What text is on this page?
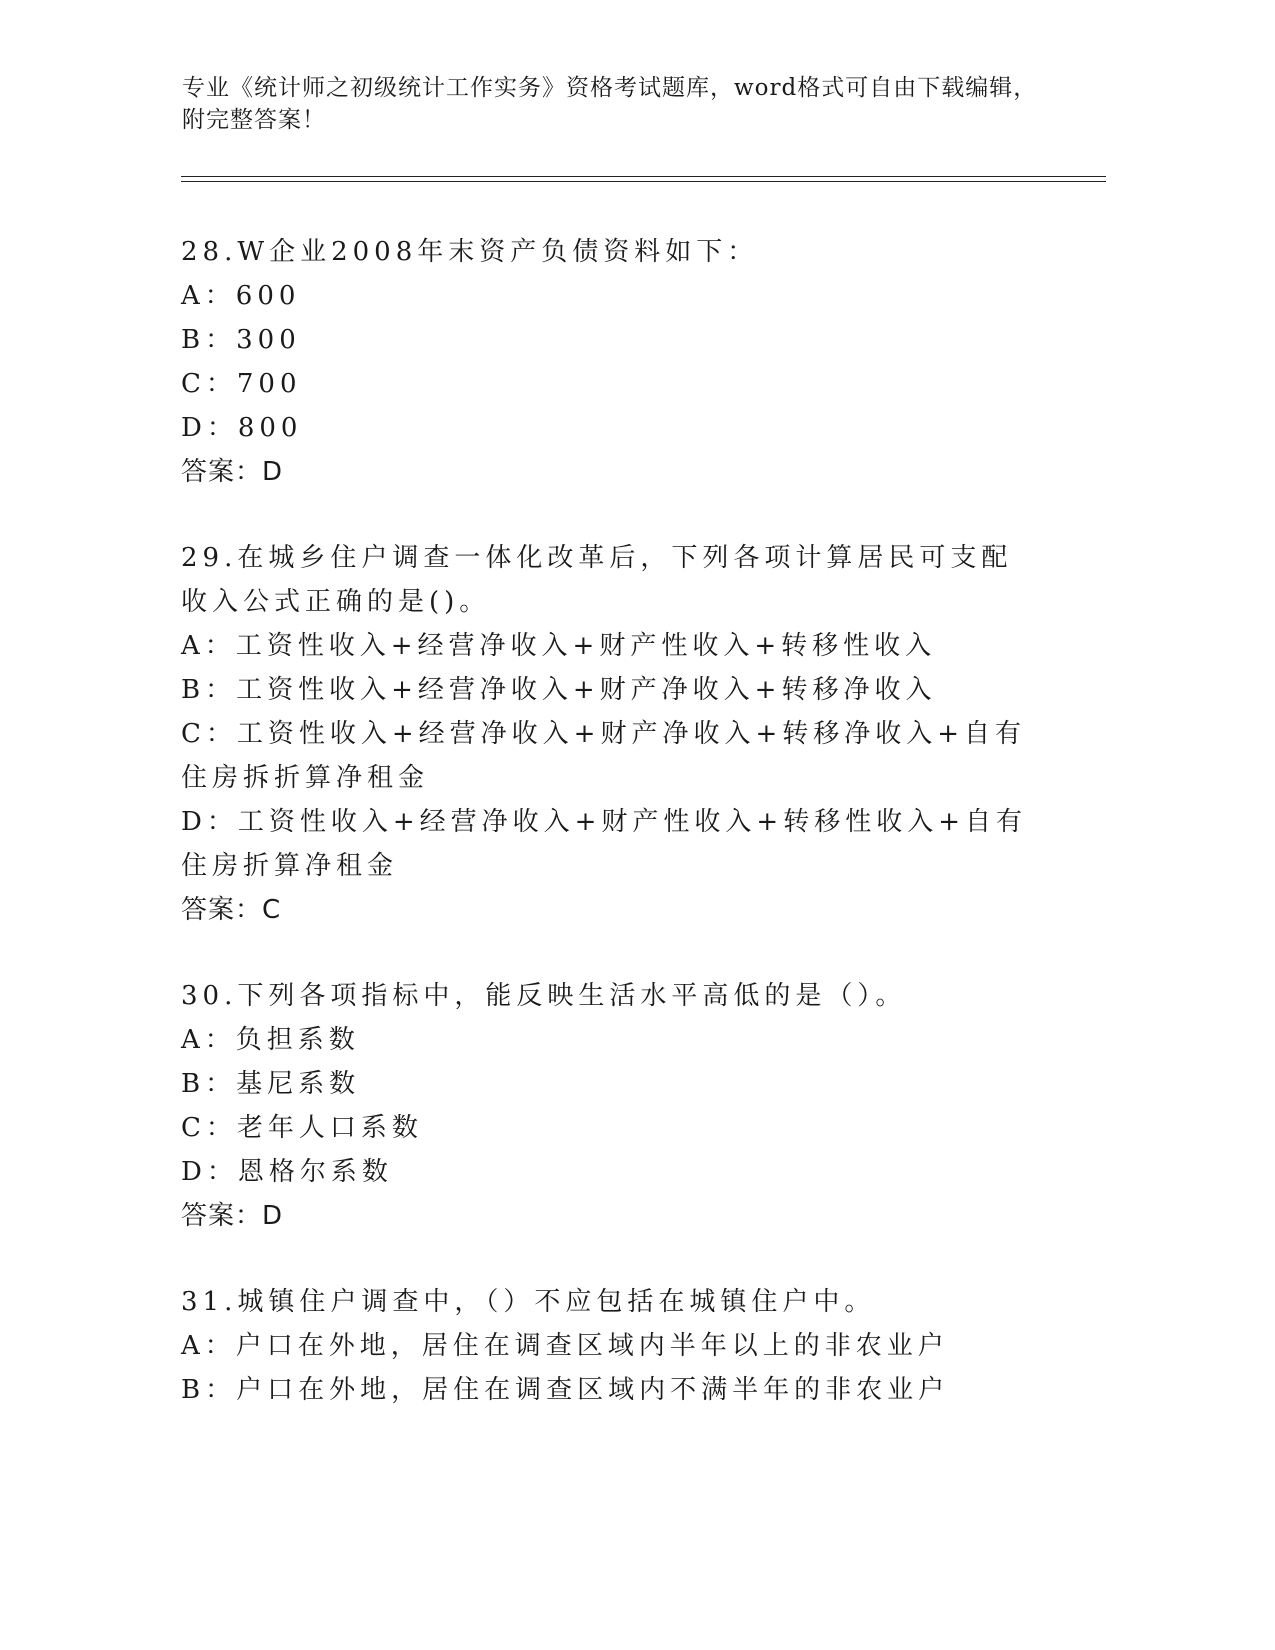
专业《统计师之初级统计工作实务》资格考试题库，word格式可自由下载编辑，
附完整答案！

28.W企业2008年末资产负债资料如下：

A：600

B：300

C：700

D：800

答案：D

29.在城乡住户调查一体化改革后，下列各项计算居民可支配收入公式正确的是()。

A：工资性收入+经营净收入+财产性收入+转移性收入

B：工资性收入+经营净收入+财产净收入+转移净收入

C：工资性收入+经营净收入+财产净收入+转移净收入+自有住房拆折算净租金

D：工资性收入+经营净收入+财产性收入+转移性收入+自有住房折算净租金

答案：C

30.下列各项指标中，能反映生活水平高低的是（）。

A：负担系数

B：基尼系数

C：老年人口系数

D：恩格尔系数

答案：D

31.城镇住户调查中，（）不应包括在城镇住户中。

A：户口在外地，居住在调查区域内半年以上的非农业户

B：户口在外地，居住在调查区域内不满半年的非农业户
